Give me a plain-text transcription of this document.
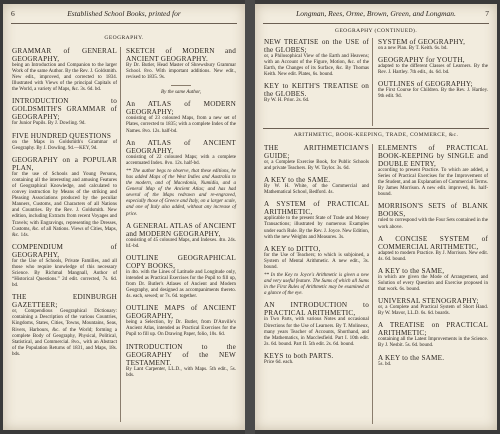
6	Established School Books, printed for
GEOGRAPHY.
GRAMMAR of GENERAL GEOGRAPHY,
being an Introduction and Companion to the larger Work of the same Author. By the Rev. J. Goldsmith. New edit., improved, and corrected to 1834. Illustrated with Views of the principal Capitals of the World, a variety of Maps, &c. 3s. 6d. bd.
INTRODUCTION to GOLDSMITH'S GRAMMAR of GEOGRAPHY;
for Junior Pupils. By J. Dowling. 9d.
FIVE HUNDRED QUESTIONS
on the Maps in Goldsmith's Grammar of Geography. By J. Dowling. 9d.—KEY, 9d.
GEOGRAPHY on a POPULAR PLAN,
for the use of Schools and Young Persons, containing all the interesting and amusing Features of Geographical Knowledge, and calculated to convey instruction by Means of the striking and Pleasing Associations produced by the peculiar Manners, Customs, and Characters of all Nations and Countries. By the Rev. J. Goldsmith. New edition, including Extracts from recent Voyages and Travels; with Engravings, representing the Dresses, Customs, &c. of all Nations. Views of Cities, Maps, &c. 14s.
COMPENDIUM of GEOGRAPHY,
for the Use of Schools, Private Families, and all those who require knowledge of this necessary Science. By Richmal Mangnall, Author of “Historical Questions.” 2d edit. corrected, 7s. 6d. bd.
THE EDINBURGH GAZETTEER;
or, Compendious Geographical Dictionary: containing a Description of the various Countries, Kingdoms, States, Cities, Towns, Mountains, Seas, Rivers, Harbours, &c. of the World; forming a complete Body of Geography, Physical, Political, Statistical, and Commercial. 8vo., with an Abstract of the Population Returns of 1831, and Maps, 18s. bds.
SKETCH of MODERN and ANCIENT GEOGRAPHY.
By Dr. Butler, Head Master of Shrewsbury Grammar School. 8vo. With important additions. New edit., revised to 1835. 9s.
By the same Author,
An ATLAS of MODERN GEOGRAPHY;
consisting of 23 coloured Maps, from a new set of Plates, corrected to 1835; with a complete Index of the Names. 8vo. 12s. half-bd.
An ATLAS of ANCIENT GEOGRAPHY,
consisting of 22 coloured Maps; with a complete accentuated Index. 8vo. 12s. half-bd.
** The author begs to observe, that these editions, he has added Maps of the West Indies and Australia to the modern, and of Macedonia, Numidia, and a General Map of the Ancient Atlas; and has had several of the Maps redrawn and re-engraved, especially those of Greece and Italy, on a larger scale, and one of Italy also added, without any increase of price.
A GENERAL ATLAS of ANCIENT and MODERN GEOGRAPHY,
consisting of 45 coloured Maps, and Indexes. 4to. 24s. hf.-bd.
OUTLINE GEOGRAPHICAL COPY BOOKS,
in 4to. with the Lines of Latitude and Longitude only, intended as Practical Exercises for the Pupil to fill up, from Dr. Butler's Atlases of Ancient and Modern Geography, and designed as accompaniments thereto. 4s. each, sewed; or 7s. 6d. together.
OUTLINE MAPS of ANCIENT GEOGRAPHY,
being a Selection, by Dr. Butler, from D'Anville's Ancient Atlas, intended as Practical Exercises for the Pupil to fill up. On Drawing Paper, folio, 10s. 6d.
INTRODUCTION to the GEOGRAPHY of the NEW TESTAMENT.
By Lant Carpenter, LL.D., with Maps. 5th edit., 5s. bds.
Longman, Rees, Orme, Brown, Green, and Longman.	7
GEOGRAPHY (CONTINUED).
NEW TREATISE on the USE of the GLOBES;
or, a Philosophical View of the Earth and Heavens; with an Account of the Figure, Motion, &c. of the Earth, the Changes of its Surface, &c. By Thomas Keith. New edit. Plates, 6s. bound.
KEY to KEITH'S TREATISE on the GLOBES.
By W. H. Prior. 2s. 6d.
SYSTEM of GEOGRAPHY,
on a new Plan. By T. Keith. 6s. bd.
GEOGRAPHY for YOUTH,
adapted to the different Classes of Learners. By the Rev. J. Hartley. 7th edit., 4s. 6d. bd.
OUTLINES of GEOGRAPHY;
the First Course for Children. By the Rev. J. Hartley. 9th edit. 9d.
ARITHMETIC, BOOK-KEEPING, TRADE, COMMERCE, &c.
THE ARITHMETICIAN'S GUIDE;
or, a Complete Exercise Book, for Public Schools and private Teachers. By W. Taylor. 3s. 6d.
A KEY to the SAME.
By W. H. White, of the Commercial and Mathematical School, Bedford. 4s.
A SYSTEM of PRACTICAL ARITHMETIC,
applicable to the present State of Trade and Money Transactions; illustrated by numerous Examples under each Rule. By the Rev. J. Joyce. New Edition, with the new Weights and Measures. 3s.
A KEY to DITTO,
for the Use of Teachers; to which is subjoined, a System of Mental Arithmetic. A new edit., 3s. bound.
** In the Key to Joyce's Arithmetic is given a new and very useful feature. The Sums of which all Sums in the First Rules of Arithmetic may be examined at a glance of the eye.
AN INTRODUCTION to PRACTICAL ARITHMETIC,
in Two Parts, with various Notes and occasional Directions for the Use of Learners. By T. Molineux, many years Teacher of Accounts, Shorthand, and the Mathematics, in Macclesfield. Part I. 10th edit. 2s. 6d. bound. Part II. 5th edit. 2s. 6d. bound.
KEYS to both PARTS.
Price 6d. each.
ELEMENTS of PRACTICAL BOOK-KEEPING by SINGLE and DOUBLE ENTRY,
according to present Practice. To which are added, a Series of Practical Exercises for the Improvement of the Student, and an Explanation of Commercial Terms. By James Morrison. A new edit. improved, 8s. half-bound.
MORRISON'S SETS of BLANK BOOKS,
ruled to correspond with the Four Sets contained in the work above.
A CONCISE SYSTEM of COMMERCIAL ARITHMETIC,
adapted to modern Practice. By J. Morrison. New edit. 4s. 6d. bound.
A KEY to the SAME,
in which are given the Mode of Arrangement, and Solution of every Question and Exercise proposed in that work. 6s. bound.
UNIVERSAL STENOGRAPHY;
or, a Complete and Practical System of Short Hand. By W. Mavor, LL.D. 6s. 6d. boards.
A TREATISE on PRACTICAL ARITHMETIC;
containing all the Latest Improvements in the Science. By J. Nesbit. 5s. 6d. bound.
A KEY to the SAME.
5s. bd.
